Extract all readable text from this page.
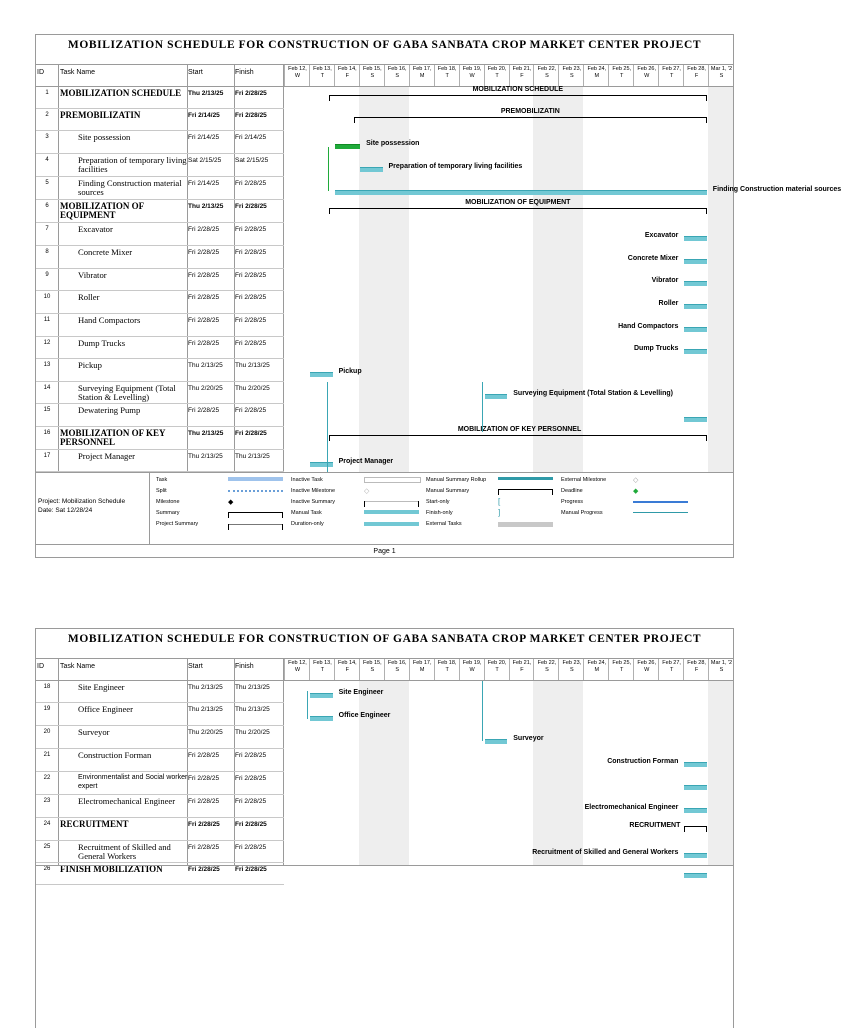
MOBILIZATION SCHEDULE FOR CONSTRUCTION OF GABA SANBATA CROP MARKET CENTER PROJECT
ID Task Name	Start	Finish	Feb 12,
W
Feb 13,
T
Feb 14,
F
Feb 15,
S
Feb 16,
S
Feb 17,
M
Feb 18,
T
Feb 19,
W
Feb 20,
T
Feb 21,
F
Feb 22,
S
Feb 23,
S
Feb 24,
M
Feb 25,
T
Feb 26,
W
Feb 27,
T
Feb 28,
F
Mar 1, '2
S
1	MOBILIZATION SCHEDULE	Thu 2/13/25	Fri 2/28/25
2	PREMOBILIZATIN	Fri 2/14/25	Fri 2/28/25
3	Site possession	Fri 2/14/25	Fri 2/14/25
4	Preparation of temporary living facilities
Sat 2/15/25	Sat 2/15/25
5	Finding Construction material sources
Fri 2/14/25	Fri 2/28/25
6	MOBILIZATION OF EQUIPMENT
Thu 2/13/25	Fri 2/28/25
7	Excavator	Fri 2/28/25	Fri 2/28/25
8	Concrete Mixer	Fri 2/28/25	Fri 2/28/25
9	Vibrator	Fri 2/28/25	Fri 2/28/25
10	Roller	Fri 2/28/25	Fri 2/28/25
11	Hand Compactors	Fri 2/28/25	Fri 2/28/25
12	Dump Trucks	Fri 2/28/25	Fri 2/28/25
13	Pickup	Thu 2/13/25	Thu 2/13/25
14	Surveying Equipment (Total Station & Levelling)
Thu 2/20/25	Thu 2/20/25
15	Dewatering Pump	Fri 2/28/25	Fri 2/28/25
16	MOBILIZATION OF KEY PERSONNEL
Thu 2/13/25	Fri 2/28/25
17	Project Manager	Thu 2/13/25	Thu 2/13/25
MOBILIZATION SCHEDULE
PREMOBILIZATIN
Site possession
Preparation of temporary living facilities
Finding Construction material sources
MOBILIZATION OF EQUIPMENT
Excavator
Concrete Mixer
Vibrator
Roller
Hand Compactors
Dump Trucks
Pickup
Surveying Equipment (Total Station & Levelling)
MOBILIZATION OF KEY PERSONNEL
Project Manager
Project: Mobilization Schedule
Date: Sat 12/28/24
Task
Split
Milestone	◆
Summary
Project Summary
Inactive Task
Inactive Milestone	◇
Inactive Summary
Manual Task
Duration-only
Manual Summary Rollup
Manual Summary
Start-only	[
Finish-only	]
External Tasks
External Milestone	◇
Deadline	◆
Progress
Manual Progress
Page 1
MOBILIZATION SCHEDULE FOR CONSTRUCTION OF GABA SANBATA CROP MARKET CENTER PROJECT
ID Task Name	Start	Finish	Feb 12,
W
Feb 13,
T
Feb 14,
F
Feb 15,
S
Feb 16,
S
Feb 17,
M
Feb 18,
T
Feb 19,
W
Feb 20,
T
Feb 21,
F
Feb 22,
S
Feb 23,
S
Feb 24,
M
Feb 25,
T
Feb 26,
W
Feb 27,
T
Feb 28,
F
Mar 1, '2
S
18	Site Engineer	Thu 2/13/25	Thu 2/13/25
19	Office Engineer	Thu 2/13/25	Thu 2/13/25
20	Surveyor	Thu 2/20/25	Thu 2/20/25
21	Construction Forman	Fri 2/28/25	Fri 2/28/25
22	Environmentalist and Social worker expert
Fri 2/28/25	Fri 2/28/25
23	Electromechanical Engineer	Fri 2/28/25	Fri 2/28/25
24	RECRUITMENT	Fri 2/28/25	Fri 2/28/25
25	Recruitment of Skilled and General Workers
Fri 2/28/25	Fri 2/28/25
26	FINISH MOBILIZATION	Fri 2/28/25	Fri 2/28/25
Site Engineer
Office Engineer
Surveyor
Construction Forman
Electromechanical Engineer
RECRUITMENT
Recruitment of Skilled and General Workers
